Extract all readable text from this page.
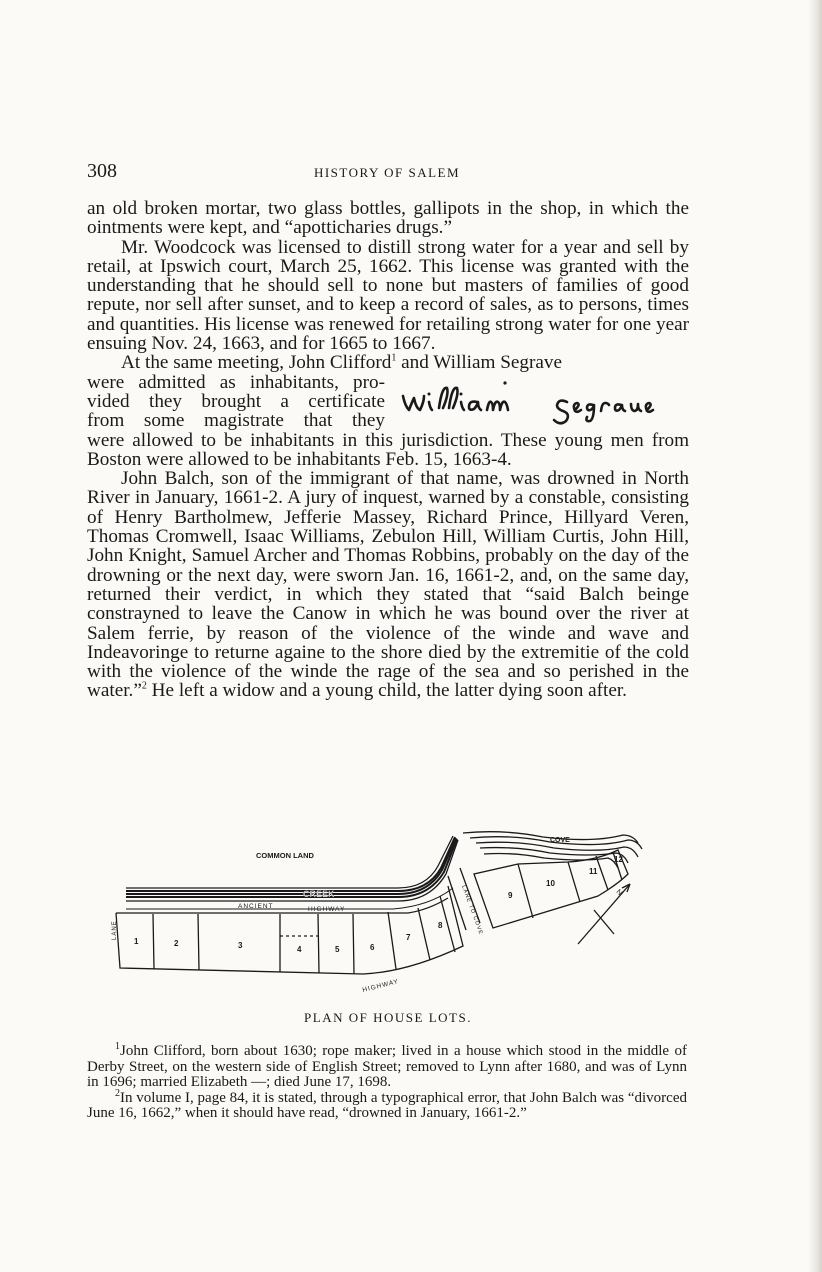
308	HISTORY OF SALEM

an old broken mortar, two glass bottles, gallipots in the shop, in which the ointments were kept, and “apotticharies drugs.”

Mr. Woodcock was licensed to distill strong water for a year and sell by retail, at Ipswich court, March 25, 1662. This license was granted with the understanding that he should sell to none but masters of families of good repute, nor sell after sunset, and to keep a record of sales, as to persons, times and quantities. His license was renewed for retailing strong water for one year ensuing Nov. 24, 1663, and for 1665 to 1667.

At the same meeting, John Clifford$^1$ and William Segrave

were admitted as inhabitants, pro-
vided they brought a certificate
from some magistrate that they

were allowed to be inhabitants in this jurisdiction. These young men from Boston were allowed to be inhabitants Feb. 15, 1663-4.

John Balch, son of the immigrant of that name, was drowned in North River in January, 1661-2. A jury of inquest, warned by a constable, consisting of Henry Bartholmew, Jefferie Massey, Richard Prince, Hillyard Veren, Thomas Cromwell, Isaac Williams, Zebulon Hill, William Curtis, John Hill, John Knight, Samuel Archer and Thomas Robbins, probably on the day of the drowning or the next day, were sworn Jan. 16, 1661-2, and, on the same day, returned their verdict, in which they stated that “said Balch beinge constrayned to leave the Canow in which he was bound over the river at Salem ferrie, by reason of the violence of the winde and wave and Indeavoringe to returne againe to the shore died by the extremitie of the cold with the violence of the winde the rage of the sea and so perished in the water.”$^2$ He left a widow and a young child, the latter dying soon after.

COMMON LAND
CREEK
ANCIENT	HIGHWAY
LANE	LANE TO COVE
COVE
HIGHWAY
N
1	2	3	4	5	6
7
8
9
10
11
12
PLAN OF HOUSE LOTS.

$^1$John Clifford, born about 1630; rope maker; lived in a house which stood in the middle of Derby Street, on the western side of English Street; removed to Lynn after 1680, and was of Lynn in 1696; married Elizabeth —; died June 17, 1698.

$^2$In volume I, page 84, it is stated, through a typographical error, that John Balch was “divorced June 16, 1662,” when it should have read, “drowned in January, 1661-2.”
